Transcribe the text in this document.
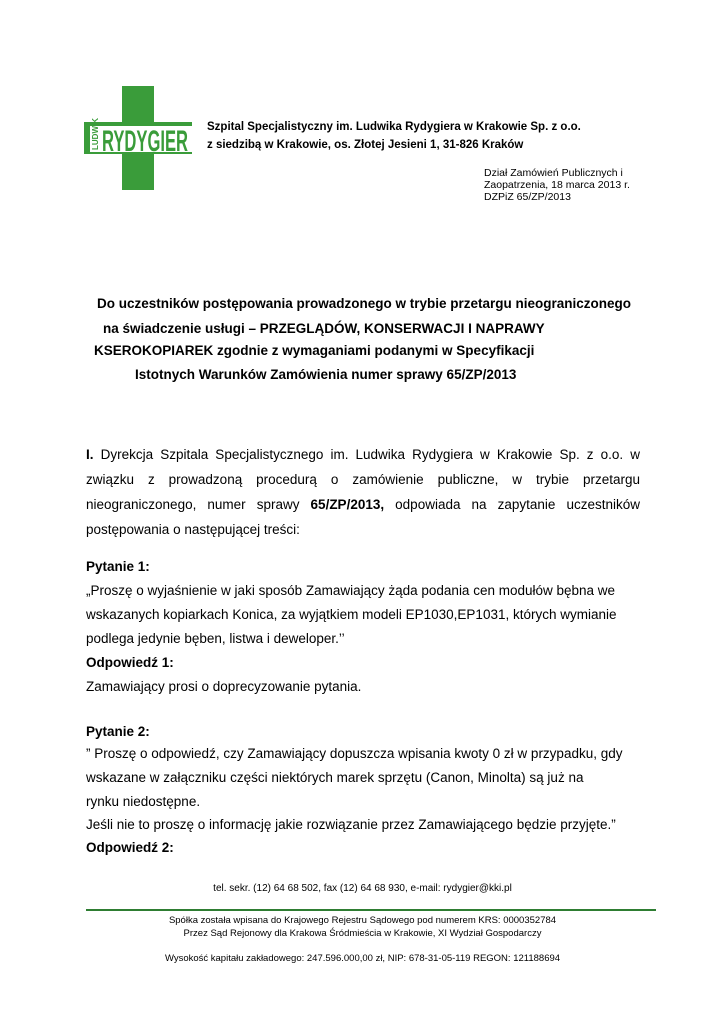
RYDYGIER
LUDWIK	Szpital Specjalistyczny im. Ludwika Rydygiera w Krakowie Sp. z o.o.
z siedzibą w Krakowie, os. Złotej Jesieni 1, 31-826 Kraków
Dział Zamówień Publicznych i
Zaopatrzenia, 18 marca 2013 r.
DZPiZ 65/ZP/2013
Do uczestników postępowania prowadzonego w trybie przetargu nieograniczonego
na świadczenie usługi – PRZEGLĄDÓW, KONSERWACJI I NAPRAWY
KSEROKOPIAREK zgodnie z wymaganiami podanymi w Specyfikacji
Istotnych Warunków Zamówienia numer sprawy 65/ZP/2013
I. Dyrekcja Szpitala Specjalistycznego im. Ludwika Rydygiera w Krakowie Sp. z o.o. w związku z prowadzoną procedurą o zamówienie publiczne, w trybie przetargu nieograniczonego, numer sprawy 65/ZP/2013, odpowiada na zapytanie uczestników postępowania o następującej treści:
Pytanie 1:
„Proszę o wyjaśnienie w jaki sposób Zamawiający żąda podania cen modułów bębna we
wskazanych kopiarkach Konica, za wyjątkiem modeli EP1030,EP1031, których wymianie
podlega jedynie bęben, listwa i deweloper.’’
Odpowiedź 1:
Zamawiający prosi o doprecyzowanie pytania.
Pytanie 2:
” Proszę o odpowiedź, czy Zamawiający dopuszcza wpisania kwoty 0 zł w przypadku, gdy
wskazane w załączniku części niektórych marek sprzętu (Canon, Minolta) są już na
rynku niedostępne.
Jeśli nie to proszę o informację jakie rozwiązanie przez Zamawiającego będzie przyjęte.”
Odpowiedź 2:
tel. sekr. (12) 64 68 502, fax (12) 64 68 930, e-mail: rydygier@kki.pl
Spółka została wpisana do Krajowego Rejestru Sądowego pod numerem KRS: 0000352784
Przez Sąd Rejonowy dla Krakowa Śródmieścia w Krakowie, XI Wydział Gospodarczy
Wysokość kapitału zakładowego: 247.596.000,00 zł, NIP: 678-31-05-119 REGON: 121188694
